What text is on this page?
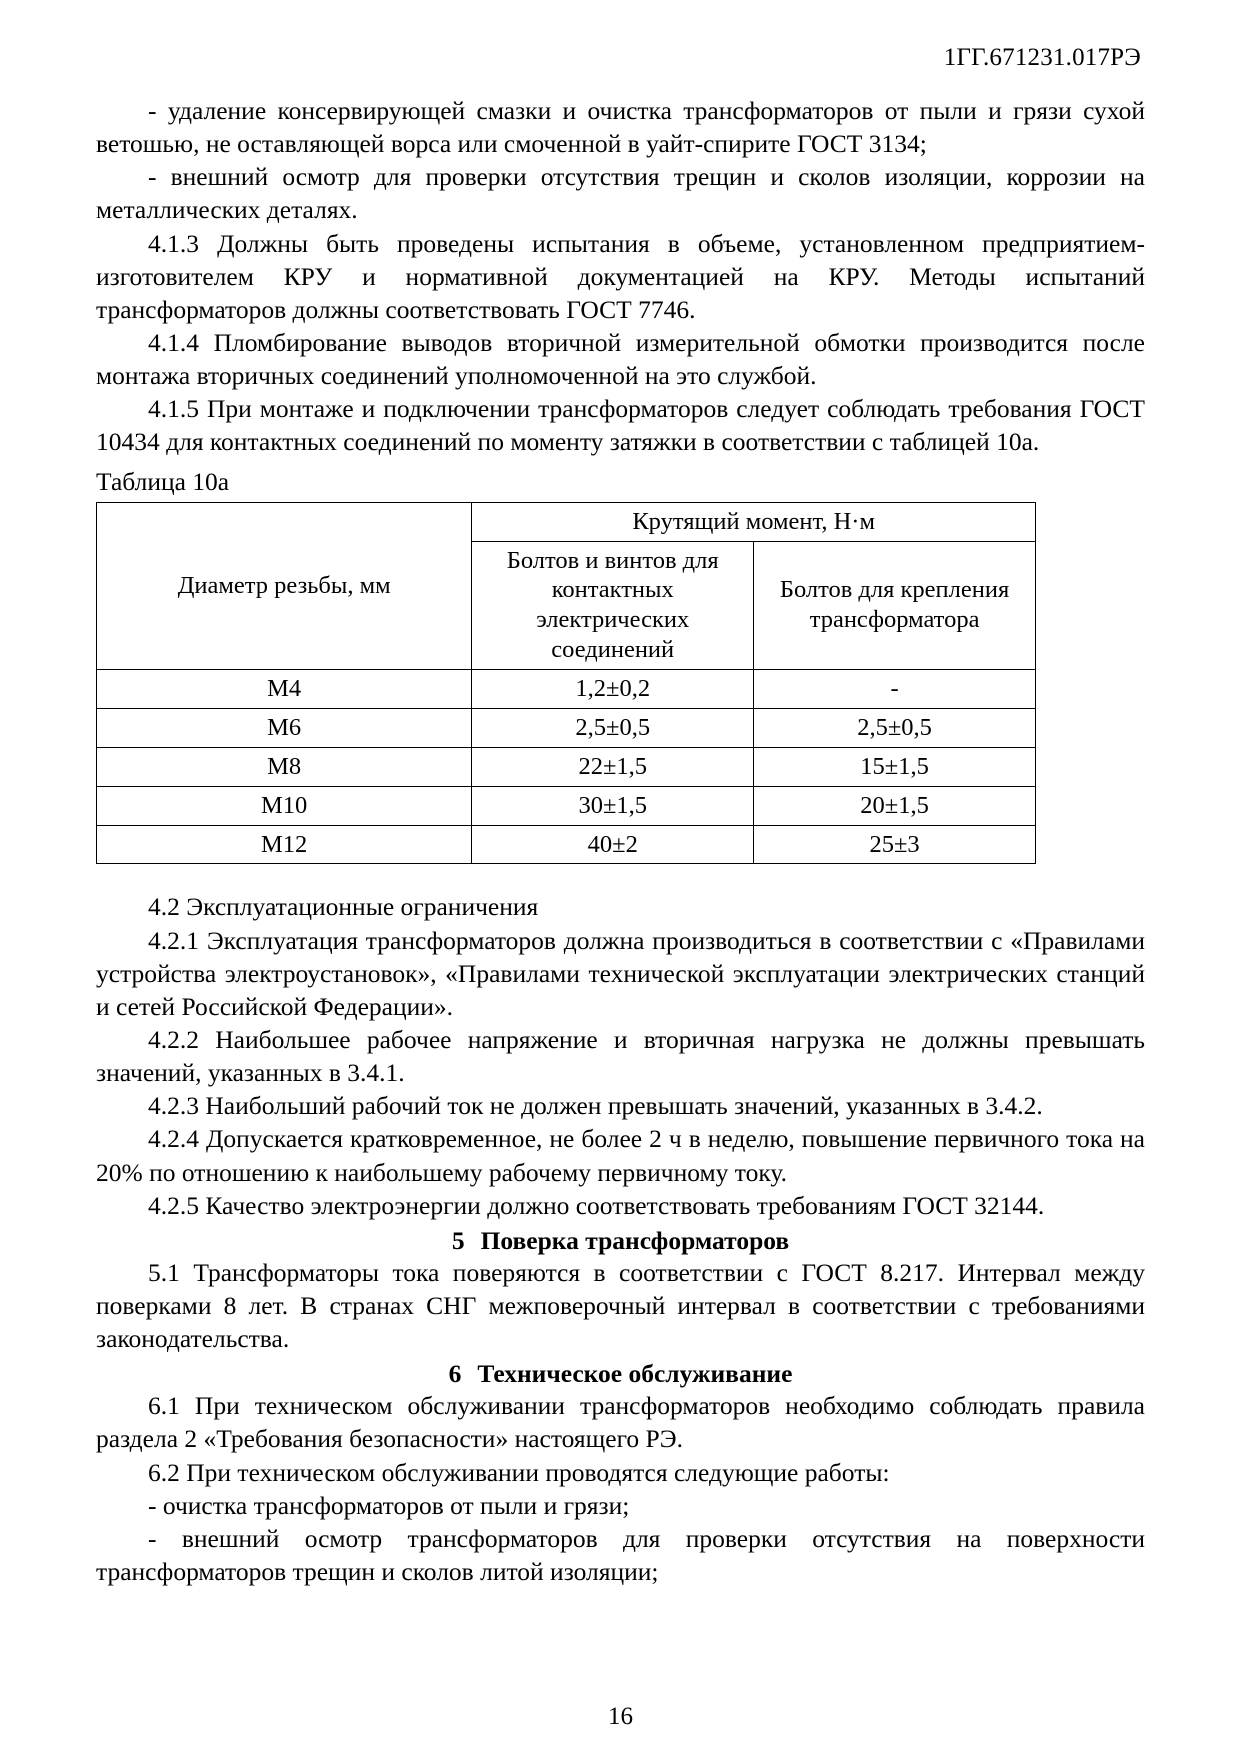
1ГГ.671231.017РЭ

- удаление консервирующей смазки и очистка трансформаторов от пыли и грязи сухой ветошью, не оставляющей ворса или смоченной в уайт-спирите ГОСТ 3134;

- внешний осмотр для проверки отсутствия трещин и сколов изоляции, коррозии на металлических деталях.

4.1.3 Должны быть проведены испытания в объеме, установленном предприятием-изготовителем КРУ и нормативной документацией на КРУ. Методы испытаний трансформаторов должны соответствовать ГОСТ 7746.

4.1.4 Пломбирование выводов вторичной измерительной обмотки производится после монтажа вторичных соединений уполномоченной на это службой.

4.1.5 При монтаже и подключении трансформаторов следует соблюдать требования ГОСТ 10434 для контактных соединений по моменту затяжки в соответствии с таблицей 10а.

Таблица 10а
Диаметр резьбы, мм	Крутящий момент, Н·м	
	Болтов и винтов для контактных электрических соединений	Болтов для крепления трансформатора
М4	1,2±0,2	-
М6	2,5±0,5	2,5±0,5
М8	22±1,5	15±1,5
М10	30±1,5	20±1,5
М12	40±2	25±3

4.2 Эксплуатационные ограничения

4.2.1 Эксплуатация трансформаторов должна производиться в соответствии с «Правилами устройства электроустановок», «Правилами технической эксплуатации электрических станций и сетей Российской Федерации».

4.2.2 Наибольшее рабочее напряжение и вторичная нагрузка не должны превышать значений, указанных в 3.4.1.

4.2.3 Наибольший рабочий ток не должен превышать значений, указанных в 3.4.2.

4.2.4 Допускается кратковременное, не более 2 ч в неделю, повышение первичного тока на 20% по отношению к наибольшему рабочему первичному току.

4.2.5 Качество электроэнергии должно соответствовать требованиям ГОСТ 32144.

5 Поверка трансформаторов

5.1 Трансформаторы тока поверяются в соответствии с ГОСТ 8.217. Интервал между поверками 8 лет. В странах СНГ межповерочный интервал в соответствии с требованиями законодательства.

6 Техническое обслуживание

6.1 При техническом обслуживании трансформаторов необходимо соблюдать правила раздела 2 «Требования безопасности» настоящего РЭ.

6.2 При техническом обслуживании проводятся следующие работы:

- очистка трансформаторов от пыли и грязи;

- внешний осмотр трансформаторов для проверки отсутствия на поверхности трансформаторов трещин и сколов литой изоляции;

16
